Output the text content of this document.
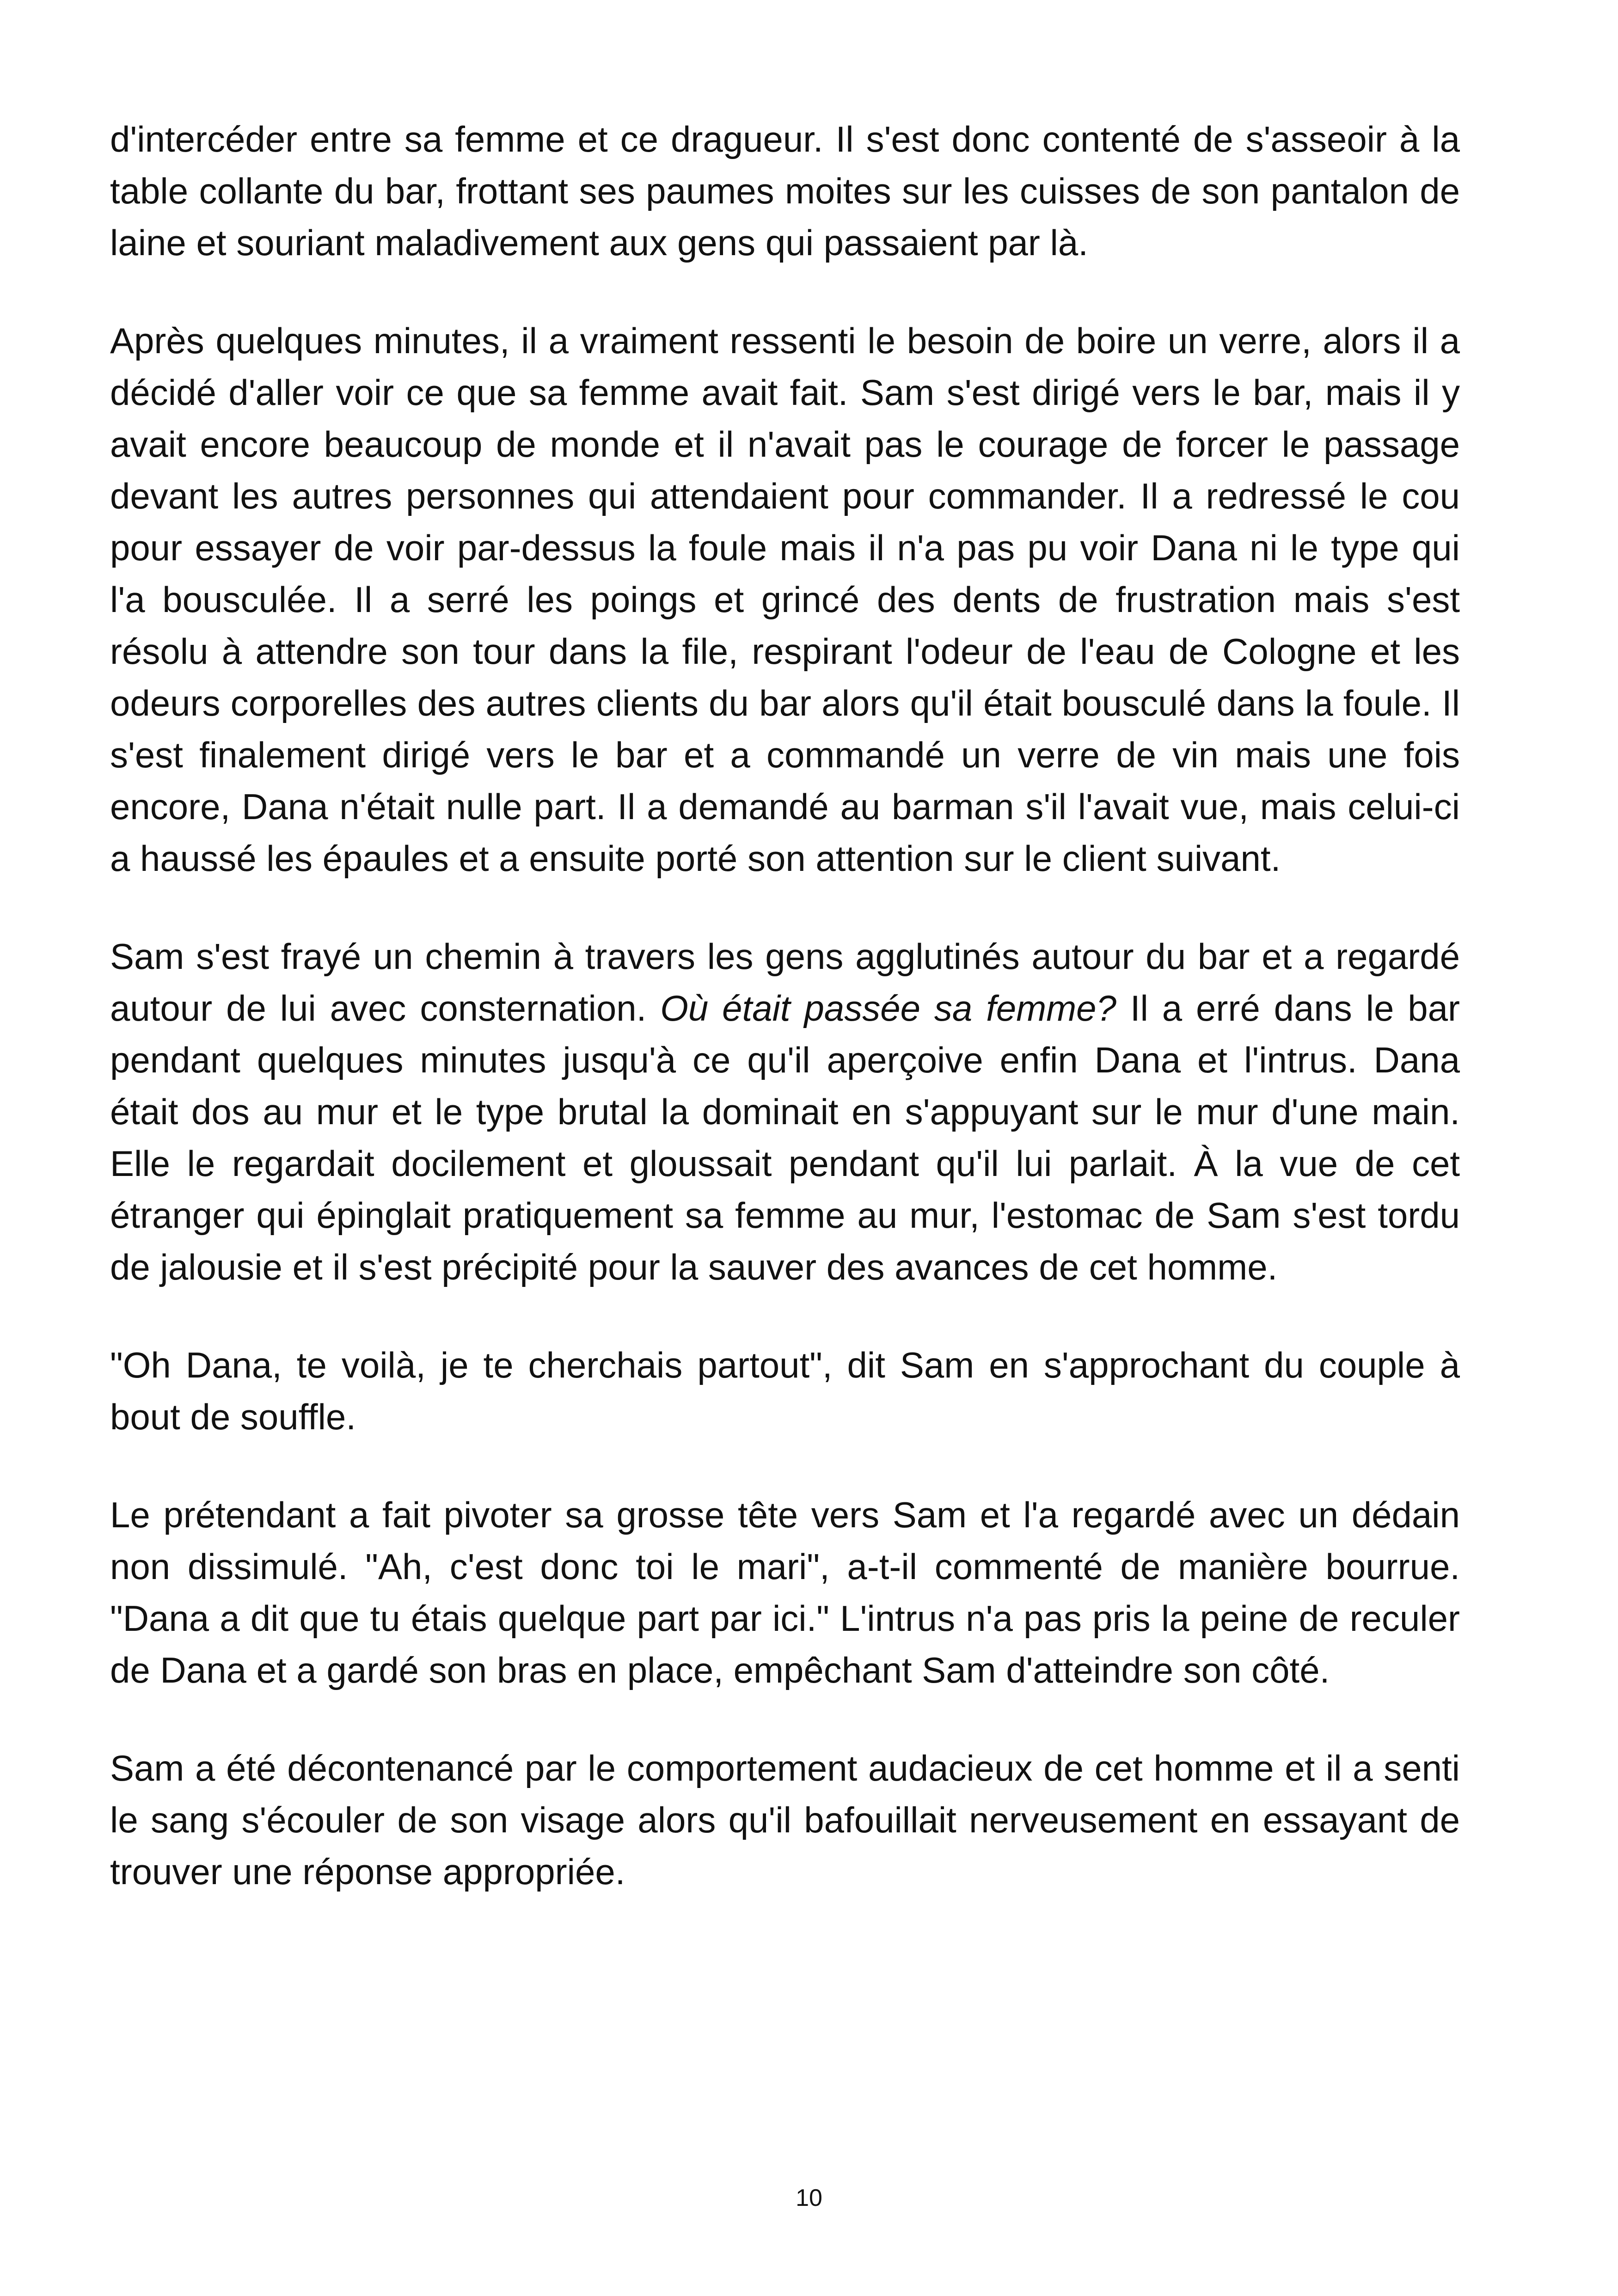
d'intercéder entre sa femme et ce dragueur. Il s'est donc contenté de s'asseoir à la table collante du bar, frottant ses paumes moites sur les cuisses de son pantalon de laine et souriant maladivement aux gens qui passaient par là.

Après quelques minutes, il a vraiment ressenti le besoin de boire un verre, alors il a décidé d'aller voir ce que sa femme avait fait. Sam s'est dirigé vers le bar, mais il y avait encore beaucoup de monde et il n'avait pas le courage de forcer le passage devant les autres personnes qui attendaient pour commander. Il a redressé le cou pour essayer de voir par-dessus la foule mais il n'a pas pu voir Dana ni le type qui l'a bousculée. Il a serré les poings et grincé des dents de frustration mais s'est résolu à attendre son tour dans la file, respirant l'odeur de l'eau de Cologne et les odeurs corporelles des autres clients du bar alors qu'il était bousculé dans la foule. Il s'est finalement dirigé vers le bar et a commandé un verre de vin mais une fois encore, Dana n'était nulle part. Il a demandé au barman s'il l'avait vue, mais celui-ci a haussé les épaules et a ensuite porté son attention sur le client suivant.

Sam s'est frayé un chemin à travers les gens agglutinés autour du bar et a regardé autour de lui avec consternation. Où était passée sa femme? Il a erré dans le bar pendant quelques minutes jusqu'à ce qu'il aperçoive enfin Dana et l'intrus. Dana était dos au mur et le type brutal la dominait en s'appuyant sur le mur d'une main. Elle le regardait docilement et gloussait pendant qu'il lui parlait. À la vue de cet étranger qui épinglait pratiquement sa femme au mur, l'estomac de Sam s'est tordu de jalousie et il s'est précipité pour la sauver des avances de cet homme.

"Oh Dana, te voilà, je te cherchais partout", dit Sam en s'approchant du couple à bout de souffle.

Le prétendant a fait pivoter sa grosse tête vers Sam et l'a regardé avec un dédain non dissimulé. "Ah, c'est donc toi le mari", a-t-il commenté de manière bourrue. "Dana a dit que tu étais quelque part par ici." L'intrus n'a pas pris la peine de reculer de Dana et a gardé son bras en place, empêchant Sam d'atteindre son côté.

Sam a été décontenancé par le comportement audacieux de cet homme et il a senti le sang s'écouler de son visage alors qu'il bafouillait nerveusement en essayant de trouver une réponse appropriée.

10
